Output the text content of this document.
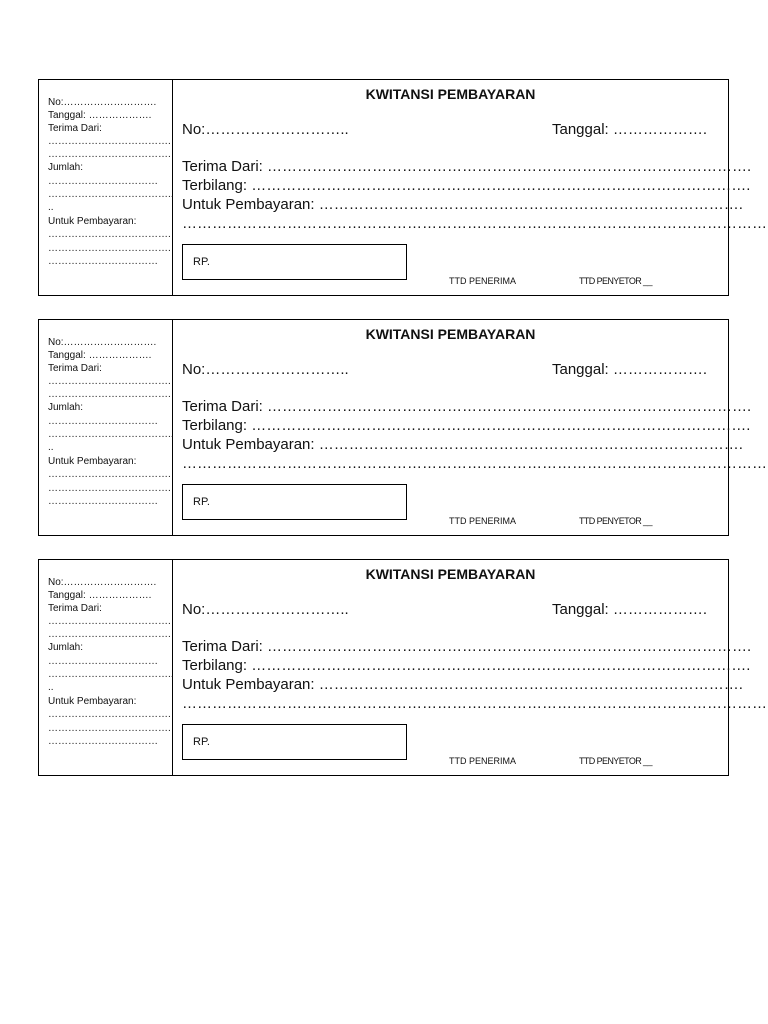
No:……………………….
Tanggal: ……………….
Terima Dari:
……………………………….
……………………………….
Jumlah:
……………………………
………………………………..
..
Untuk Pembayaran:
……………………………….
……………………………….
……………………………
KWITANSI PEMBAYARAN
No:………………………..	Tanggal: ……………….
Terima Dari: …………………………………………………………………………………….
Terbilang: ……………………………………………………………………………………….
Untuk Pembayaran: ………………………………………………………………………….
………………………………………………………………………………………………………
RP.
TTD PENERIMA	TTD PENYETOR __
No:……………………….
Tanggal: ……………….
Terima Dari:
……………………………….
……………………………….
Jumlah:
……………………………
………………………………..
..
Untuk Pembayaran:
……………………………….
……………………………….
……………………………
KWITANSI PEMBAYARAN
No:………………………..	Tanggal: ……………….
Terima Dari: …………………………………………………………………………………….
Terbilang: ……………………………………………………………………………………….
Untuk Pembayaran: ………………………………………………………………………….
………………………………………………………………………………………………………
RP.
TTD PENERIMA	TTD PENYETOR __
No:……………………….
Tanggal: ……………….
Terima Dari:
……………………………….
……………………………….
Jumlah:
……………………………
………………………………..
..
Untuk Pembayaran:
……………………………….
……………………………….
……………………………
KWITANSI PEMBAYARAN
No:………………………..	Tanggal: ……………….
Terima Dari: …………………………………………………………………………………….
Terbilang: ……………………………………………………………………………………….
Untuk Pembayaran: ………………………………………………………………………….
………………………………………………………………………………………………………
RP.
TTD PENERIMA	TTD PENYETOR __
